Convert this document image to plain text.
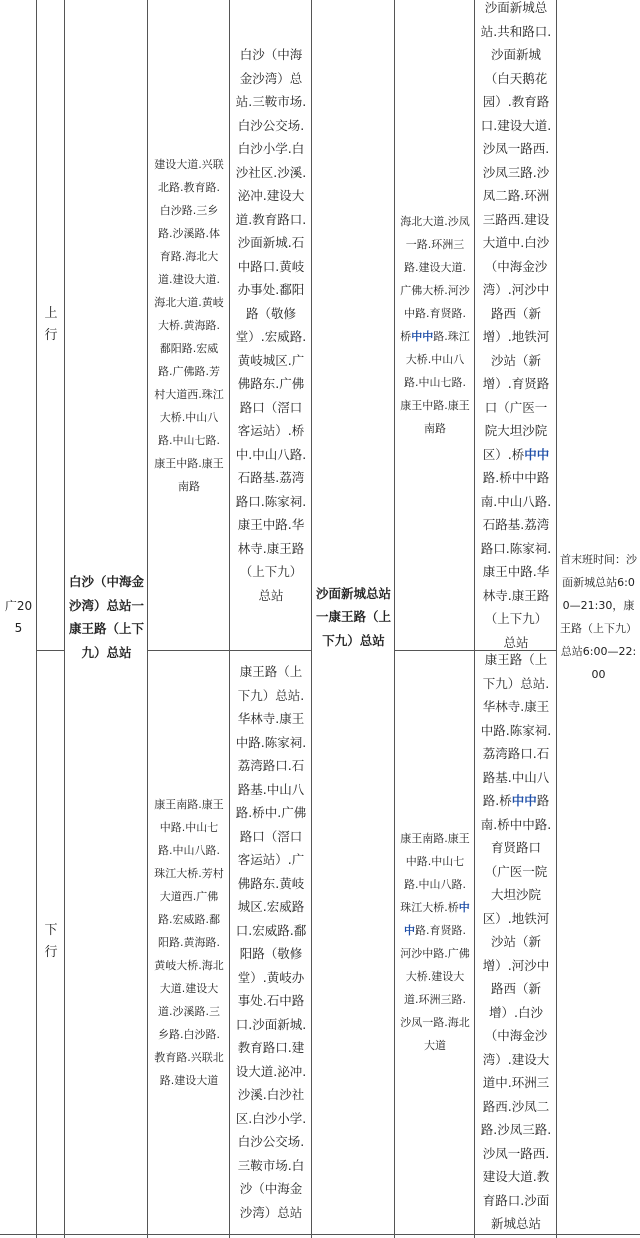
广20
5
上行
下行
白沙（中海金沙湾）总站一康王路（上下九）总站
建设大道.兴联北路.教育路.白沙路.三乡路.沙溪路.体育路.海北大道.建设大道.海北大道.黄岐大桥.黄海路.鄱阳路.宏威路.广佛路.芳村大道西.珠江大桥.中山八路.中山七路.康王中路.康王南路
白沙（中海金沙湾）总站.三鞍市场.白沙公交场.白沙小学.白沙社区.沙溪.泌冲.建设大道.教育路口.沙面新城.石中路口.黄岐办事处.鄱阳路（敬修堂）.宏威路.黄岐城区.广佛路东.广佛路口（滘口客运站）.桥中.中山八路.石路基.荔湾路口.陈家祠.康王中路.华林寺.康王路（上下九）总站
康王南路.康王中路.中山七路.中山八路.珠江大桥.芳村大道西.广佛路.宏威路.鄱阳路.黄海路.黄岐大桥.海北大道.建设大道.沙溪路.三乡路.白沙路.教育路.兴联北路.建设大道
康王路（上下九）总站.华林寺.康王中路.陈家祠.荔湾路口.石路基.中山八路.桥中.广佛路口（滘口客运站）.广佛路东.黄岐城区.宏威路口.宏威路.鄱阳路（敬修堂）.黄岐办事处.石中路口.沙面新城.教育路口.建设大道.泌冲.沙溪.白沙社区.白沙小学.白沙公交场.三鞍市场.白沙（中海金沙湾）总站
沙面新城总站一康王路（上下九）总站
海北大道.沙凤一路.环洲三路.建设大道.广佛大桥.河沙中路.育贤路.桥中中路.珠江大桥.中山八路.中山七路.康王中路.康王南路
沙面新城总站.共和路口.沙面新城（白天鹅花园）.教育路口.建设大道.沙凤一路西.沙凤三路.沙凤二路.环洲三路西.建设大道中.白沙（中海金沙湾）.河沙中路西（新增）.地铁河沙站（新增）.育贤路口（广医一院大坦沙院区）.桥中中路.桥中中路南.中山八路.石路基.荔湾路口.陈家祠.康王中路.华林寺.康王路（上下九）总站
康王南路.康王中路.中山七路.中山八路.珠江大桥.桥中中路.育贤路.河沙中路.广佛大桥.建设大道.环洲三路.沙凤一路.海北大道
康王路（上下九）总站.华林寺.康王中路.陈家祠.荔湾路口.石路基.中山八路.桥中中路南.桥中中路.育贤路口（广医一院大坦沙院区）.地铁河沙站（新增）.河沙中路西（新增）.白沙（中海金沙湾）.建设大道中.环洲三路西.沙凤二路.沙凤三路.沙凤一路西.建设大道.教育路口.沙面新城总站
首末班时间：沙面新城总站6:00—21:30，康王路（上下九）总站6:00—22:00
